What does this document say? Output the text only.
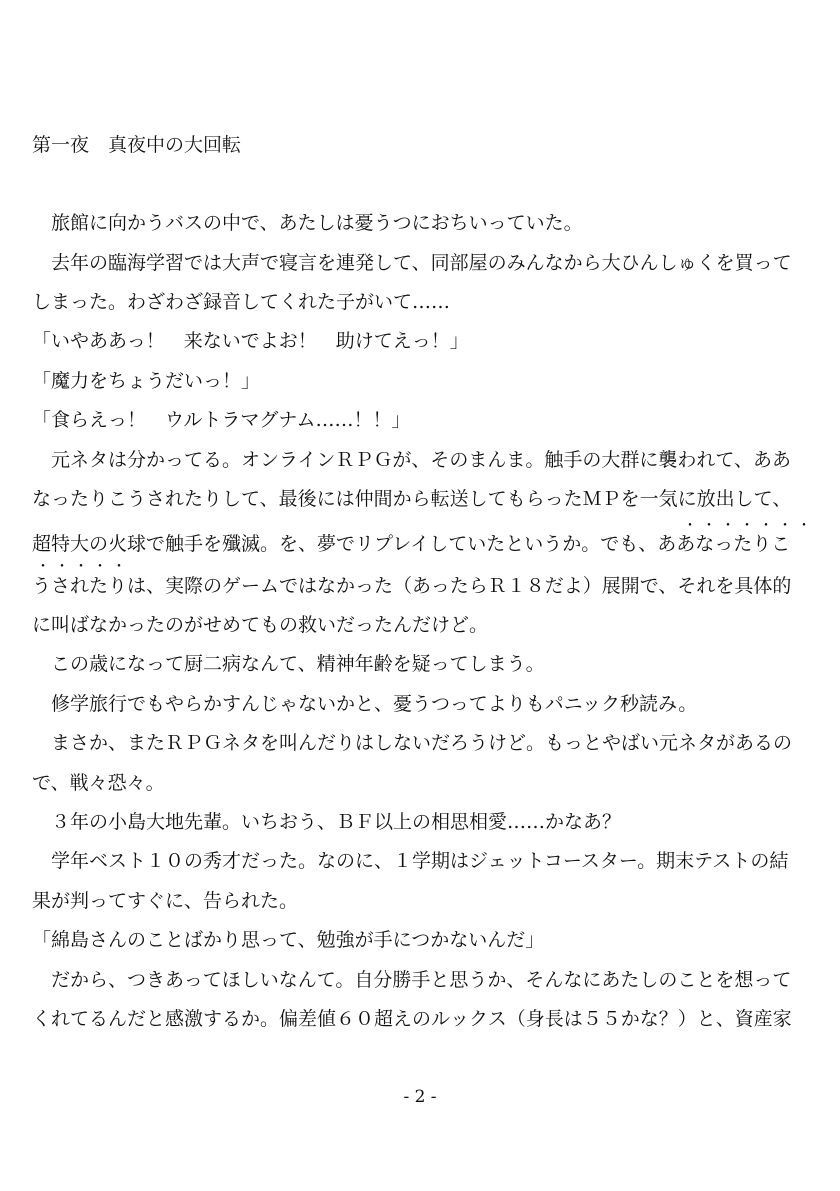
第一夜　真夜中の大回転
　旅館に向かうバスの中で、あたしは憂うつにおちいっていた。
　去年の臨海学習では大声で寝言を連発して、同部屋のみんなから大ひんしゅくを買って
しまった。わざわざ録音してくれた子がいて……
「いやああっ！　来ないでよお！　助けてえっ！」
「魔力をちょうだいっ！」
「食らえっ！　ウルトラマグナム……！！」
　元ネタは分かってる。オンラインＲＰＧが、そのまんま。触手の大群に襲われて、ああ
なったりこうされたりして、最後には仲間から転送してもらったＭＰを一気に放出して、
超特大の火球で触手を殲滅。を、夢でリプレイしていたというか。でも、ああなったりこ
うされたりは、実際のゲームではなかった（あったらＲ１８だよ）展開で、それを具体的
に叫ばなかったのがせめてもの救いだったんだけど。
　この歳になって厨二病なんて、精神年齢を疑ってしまう。
　修学旅行でもやらかすんじゃないかと、憂うつってよりもパニック秒読み。
　まさか、またＲＰＧネタを叫んだりはしないだろうけど。もっとやばい元ネタがあるの
で、戦々恐々。
　３年の小島大地先輩。いちおう、ＢＦ以上の相思相愛……かなあ？
　学年ベスト１０の秀才だった。なのに、１学期はジェットコースター。期末テストの結
果が判ってすぐに、告られた。
「綿島さんのことばかり思って、勉強が手につかないんだ」
　だから、つきあってほしいなんて。自分勝手と思うか、そんなにあたしのことを想って
くれてるんだと感激するか。偏差値６０超えのルックス（身長は５５かな？）と、資産家
・ ・ ・ ・ ・ ・ ・
・ ・ ・ ・ ・
- 2 -
